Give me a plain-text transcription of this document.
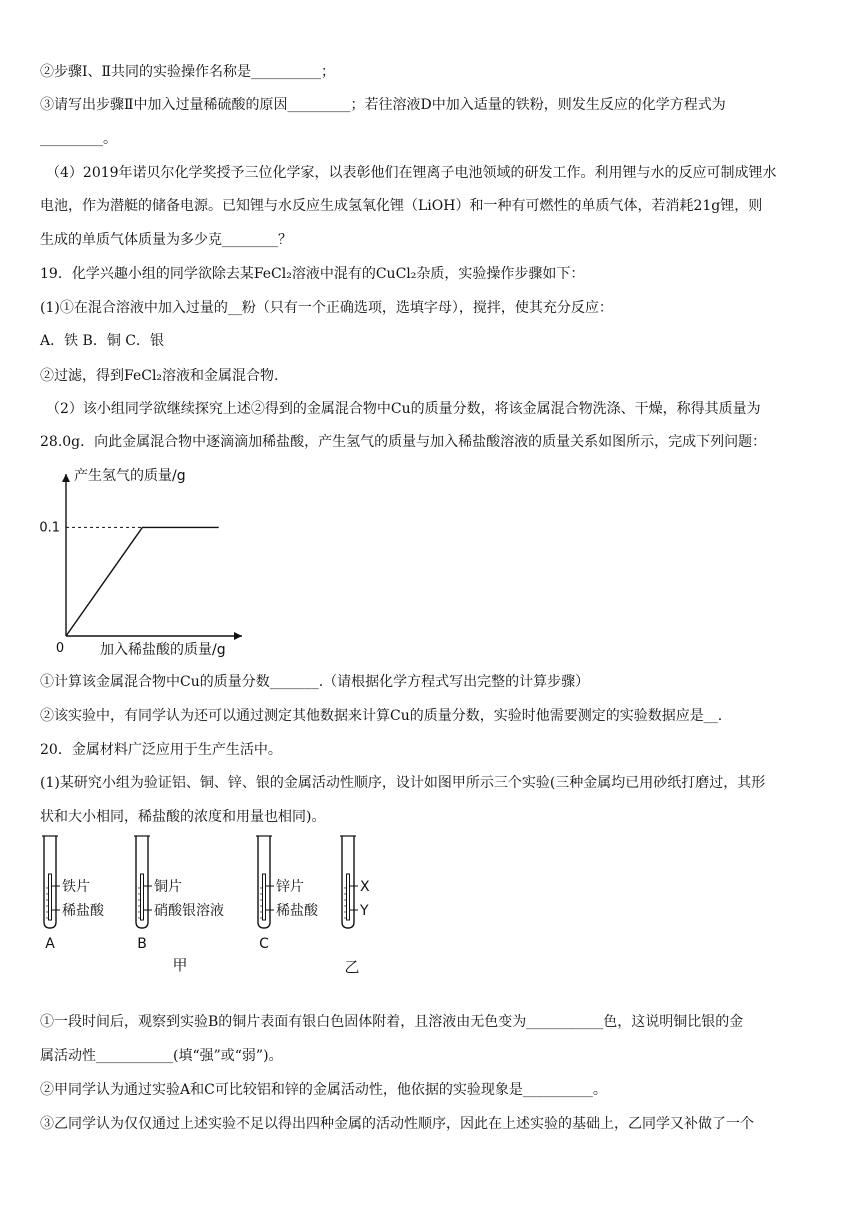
②步骤Ⅰ、Ⅱ共同的实验操作名称是__________；
③请写出步骤Ⅱ中加入过量稀硫酸的原因_________；若往溶液D中加入适量的铁粉，则发生反应的化学方程式为
_________。
（4）2019年诺贝尔化学奖授予三位化学家，以表彰他们在锂离子电池领域的研发工作。利用锂与水的反应可制成锂水
电池，作为潜艇的储备电源。已知锂与水反应生成氢氧化锂（LiOH）和一种有可燃性的单质气体，若消耗21g锂，则
生成的单质气体质量为多少克________？
19．化学兴趣小组的同学欲除去某FeCl₂溶液中混有的CuCl₂杂质，实验操作步骤如下：
(1)①在混合溶液中加入过量的__粉（只有一个正确选项，选填字母），搅拌，使其充分反应：
A．铁 B．铜 C．银
②过滤，得到FeCl₂溶液和金属混合物.
（2）该小组同学欲继续探究上述②得到的金属混合物中Cu的质量分数，将该金属混合物洗涤、干燥，称得其质量为
28.0g．向此金属混合物中逐滴滴加稀盐酸，产生氢气的质量与加入稀盐酸溶液的质量关系如图所示，完成下列问题：
产生氢气的质量/g
加入稀盐酸的质量/g
0
0.1
①计算该金属混合物中Cu的质量分数_______.（请根据化学方程式写出完整的计算步骤）
②该实验中，有同学认为还可以通过测定其他数据来计算Cu的质量分数，实验时他需要测定的实验数据应是__.
20．金属材料广泛应用于生产生活中。
(1)某研究小组为验证铝、铜、锌、银的金属活动性顺序，设计如图甲所示三个实验(三种金属均已用砂纸打磨过，其形
状和大小相同，稀盐酸的浓度和用量也相同)。
铁片
稀盐酸
A
铜片
硝酸银溶液
B
锌片
稀盐酸
C
X
Y
甲	乙
①一段时间后，观察到实验B的铜片表面有银白色固体附着，且溶液由无色变为___________色，这说明铜比银的金
属活动性___________(填“强”或“弱”)。
②甲同学认为通过实验A和C可比较铝和锌的金属活动性，他依据的实验现象是__________。
③乙同学认为仅仅通过上述实验不足以得出四种金属的活动性顺序，因此在上述实验的基础上，乙同学又补做了一个
